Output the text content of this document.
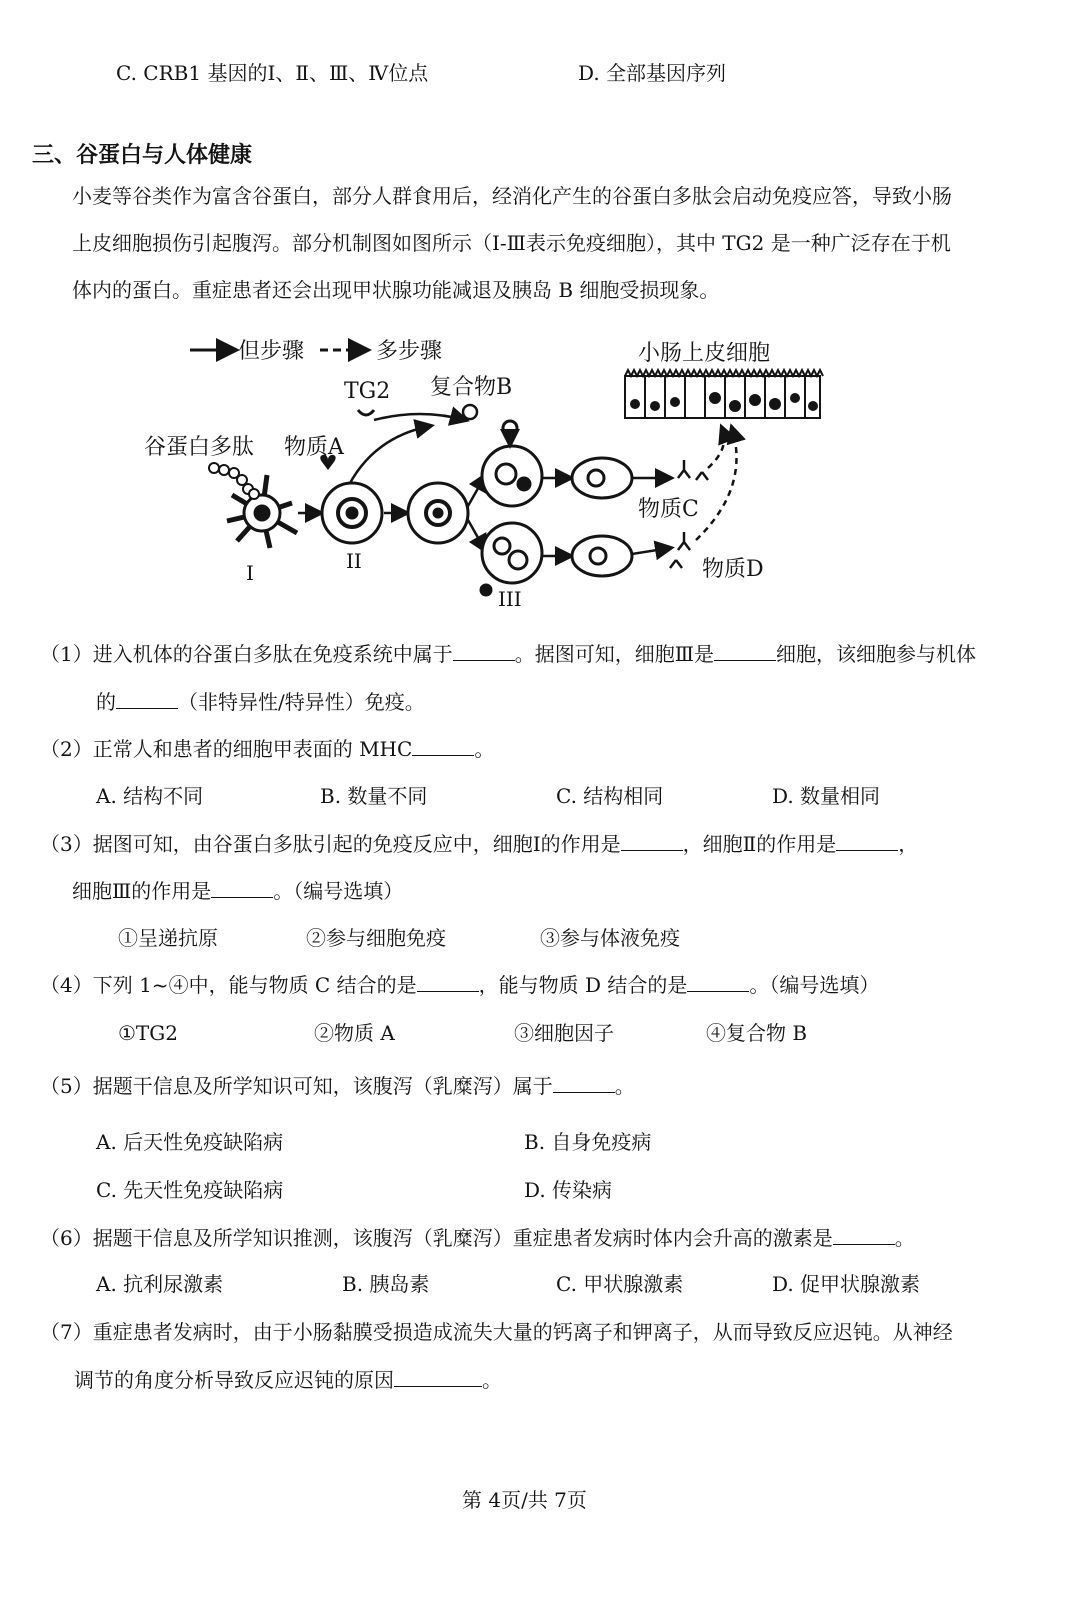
C. CRB1 基因的Ⅰ、Ⅱ、Ⅲ、Ⅳ位点	D. 全部基因序列
三、谷蛋白与人体健康
小麦等谷类作为富含谷蛋白，部分人群食用后，经消化产生的谷蛋白多肽会启动免疫应答，导致小肠
上皮细胞损伤引起腹泻。部分机制图如图所示（Ⅰ-Ⅲ表示免疫细胞），其中 TG2 是一种广泛存在于机
体内的蛋白。重症患者还会出现甲状腺功能减退及胰岛 B 细胞受损现象。
但步骤	多步骤	小肠上皮细胞
TG2 复合物B
谷蛋白多肽 物质A
I	II
III
物质C
物质D
（1）进入机体的谷蛋白多肽在免疫系统中属于	。据图可知，细胞Ⅲ是	细胞，该细胞参与机体
的	（非特异性/特异性）免疫。
（2）正常人和患者的细胞甲表面的 MHC	。
A. 结构不同	B. 数量不同	C. 结构相同	D. 数量相同
（3）据图可知，由谷蛋白多肽引起的免疫反应中，细胞Ⅰ的作用是	，细胞Ⅱ的作用是	，
细胞Ⅲ的作用是	。（编号选填）
①呈递抗原	②参与细胞免疫	③参与体液免疫
（4）下列 1~④中，能与物质 C 结合的是	，能与物质 D 结合的是	。（编号选填）
①TG2	②物质 A	③细胞因子	④复合物 B
（5）据题干信息及所学知识可知，该腹泻（乳糜泻）属于	。
A. 后天性免疫缺陷病	B. 自身免疫病
C. 先天性免疫缺陷病	D. 传染病
（6）据题干信息及所学知识推测，该腹泻（乳糜泻）重症患者发病时体内会升高的激素是	。
A. 抗利尿激素	B. 胰岛素	C. 甲状腺激素	D. 促甲状腺激素
（7）重症患者发病时，由于小肠黏膜受损造成流失大量的钙离子和钾离子，从而导致反应迟钝。从神经
调节的角度分析导致反应迟钝的原因	。
第 4页/共 7页
